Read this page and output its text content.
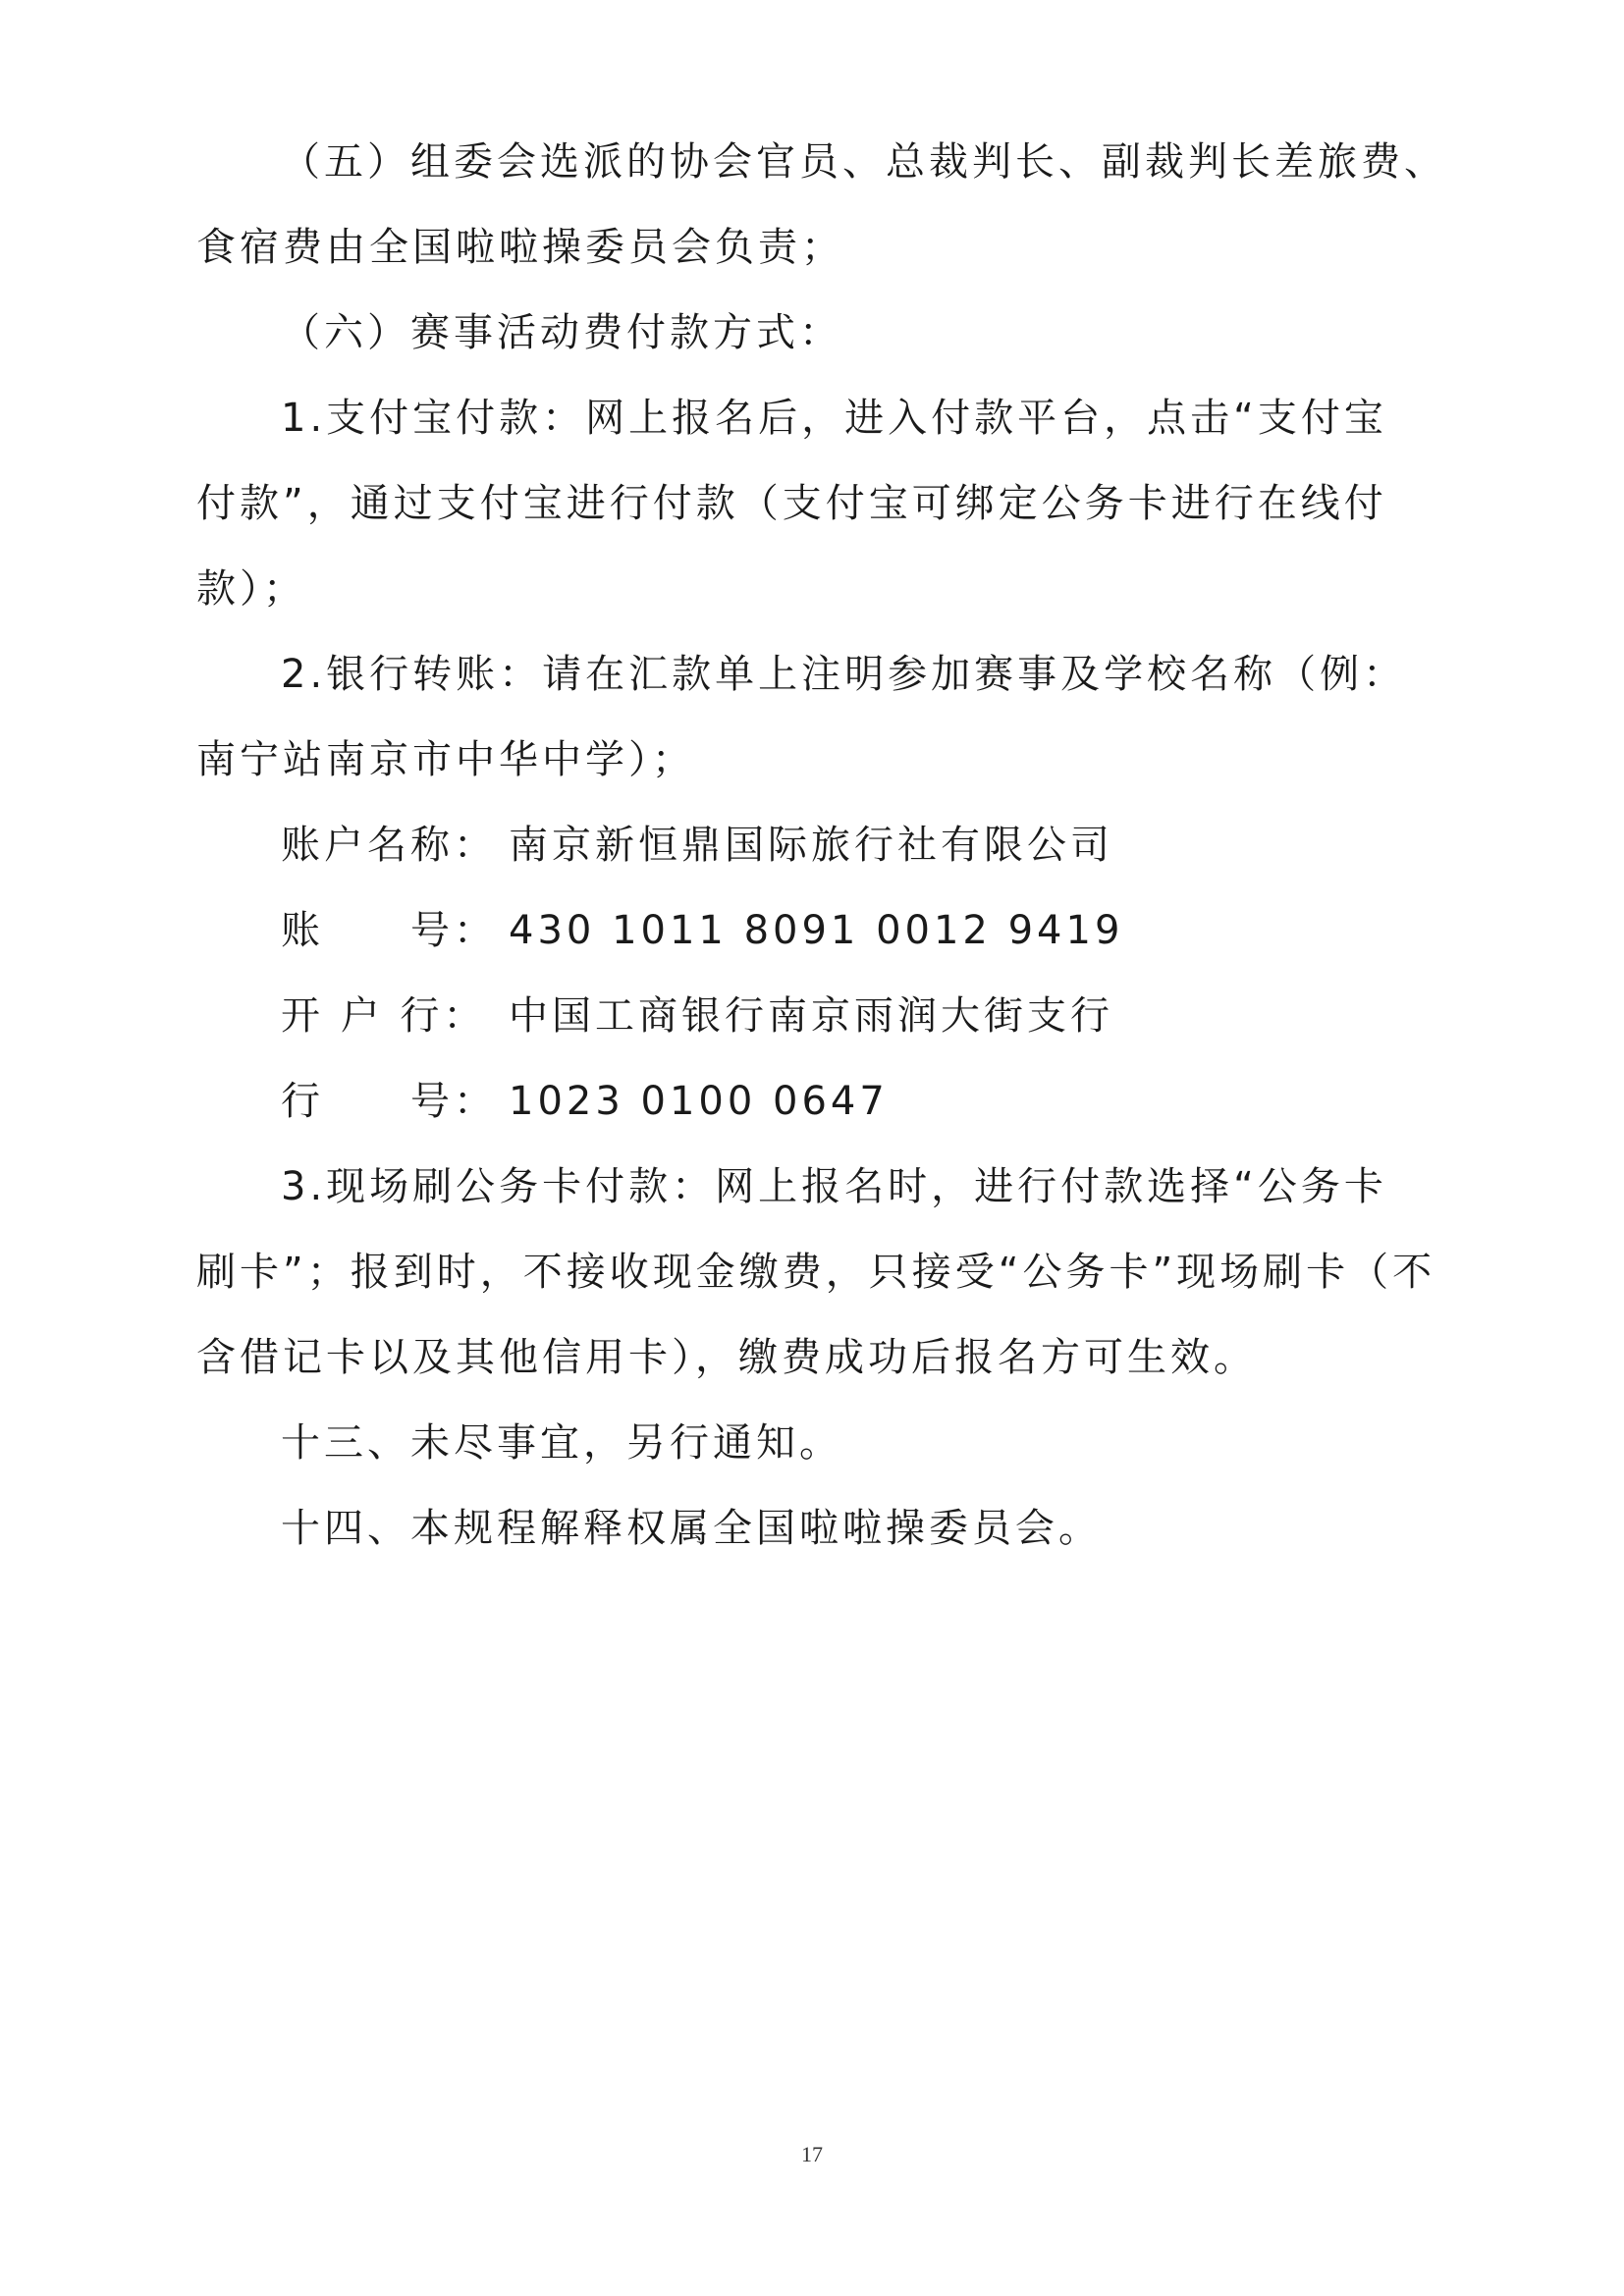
（五）组委会选派的协会官员、总裁判长、副裁判长差旅费、
食宿费由全国啦啦操委员会负责；
（六）赛事活动费付款方式：
1.支付宝付款：网上报名后，进入付款平台，点击“支付宝
付款”，通过支付宝进行付款（支付宝可绑定公务卡进行在线付
款）；
2.银行转账：请在汇款单上注明参加赛事及学校名称（例：
南宁站南京市中华中学）；
账户名称： 南京新恒鼎国际旅行社有限公司
账　　号： 430 1011 8091 0012 9419
开 户 行： 中国工商银行南京雨润大街支行
行　　号： 1023 0100 0647
3.现场刷公务卡付款：网上报名时，进行付款选择“公务卡
刷卡”；报到时，不接收现金缴费，只接受“公务卡”现场刷卡（不
含借记卡以及其他信用卡），缴费成功后报名方可生效。
十三、未尽事宜，另行通知。
十四、本规程解释权属全国啦啦操委员会。
17
